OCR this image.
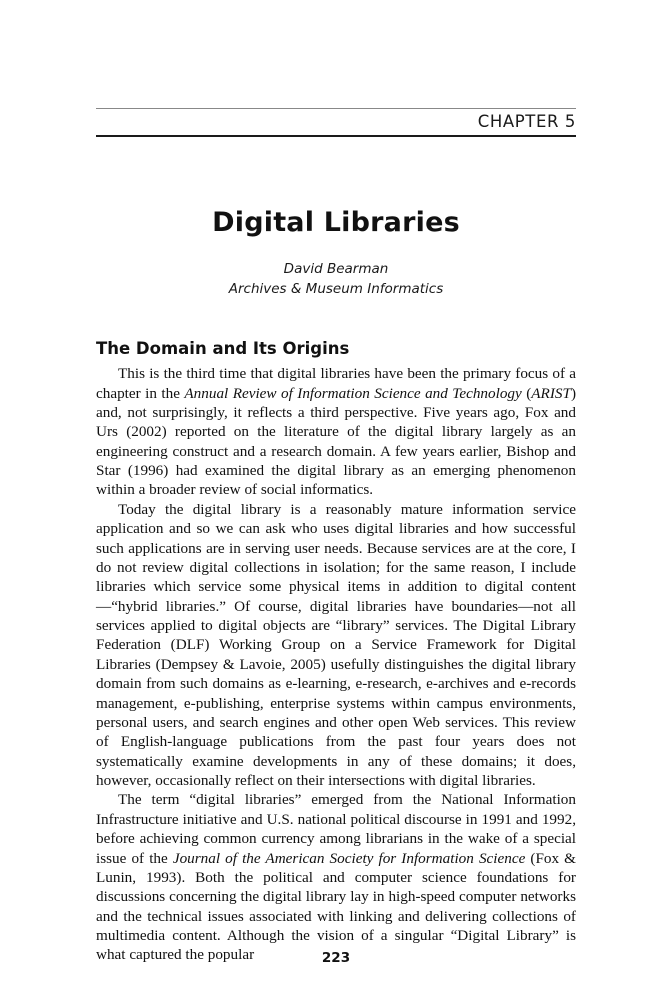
CHAPTER 5
Digital Libraries
David Bearman
Archives & Museum Informatics
The Domain and Its Origins

This is the third time that digital libraries have been the primary focus of a chapter in the Annual Review of Information Science and Technology (ARIST) and, not surprisingly, it reflects a third perspective. Five years ago, Fox and Urs (2002) reported on the literature of the digital library largely as an engineering construct and a research domain. A few years earlier, Bishop and Star (1996) had examined the digital library as an emerging phenomenon within a broader review of social informatics.

Today the digital library is a reasonably mature information service application and so we can ask who uses digital libraries and how successful such applications are in serving user needs. Because services are at the core, I do not review digital collections in isolation; for the same reason, I include libraries which service some physical items in addition to digital content—“hybrid libraries.” Of course, digital libraries have boundaries—not all services applied to digital objects are “library” services. The Digital Library Federation (DLF) Working Group on a Service Framework for Digital Libraries (Dempsey & Lavoie, 2005) usefully distinguishes the digital library domain from such domains as e-learning, e-research, e-archives and e-records management, e-publishing, enterprise systems within campus environments, personal users, and search engines and other open Web services. This review of English-language publications from the past four years does not systematically examine developments in any of these domains; it does, however, occasionally reflect on their intersections with digital libraries.

The term “digital libraries” emerged from the National Information Infrastructure initiative and U.S. national political discourse in 1991 and 1992, before achieving common currency among librarians in the wake of a special issue of the Journal of the American Society for Information Science (Fox & Lunin, 1993). Both the political and computer science foundations for discussions concerning the digital library lay in high-speed computer networks and the technical issues associated with linking and delivering collections of multimedia content. Although the vision of a singular “Digital Library” is what captured the popular	223
